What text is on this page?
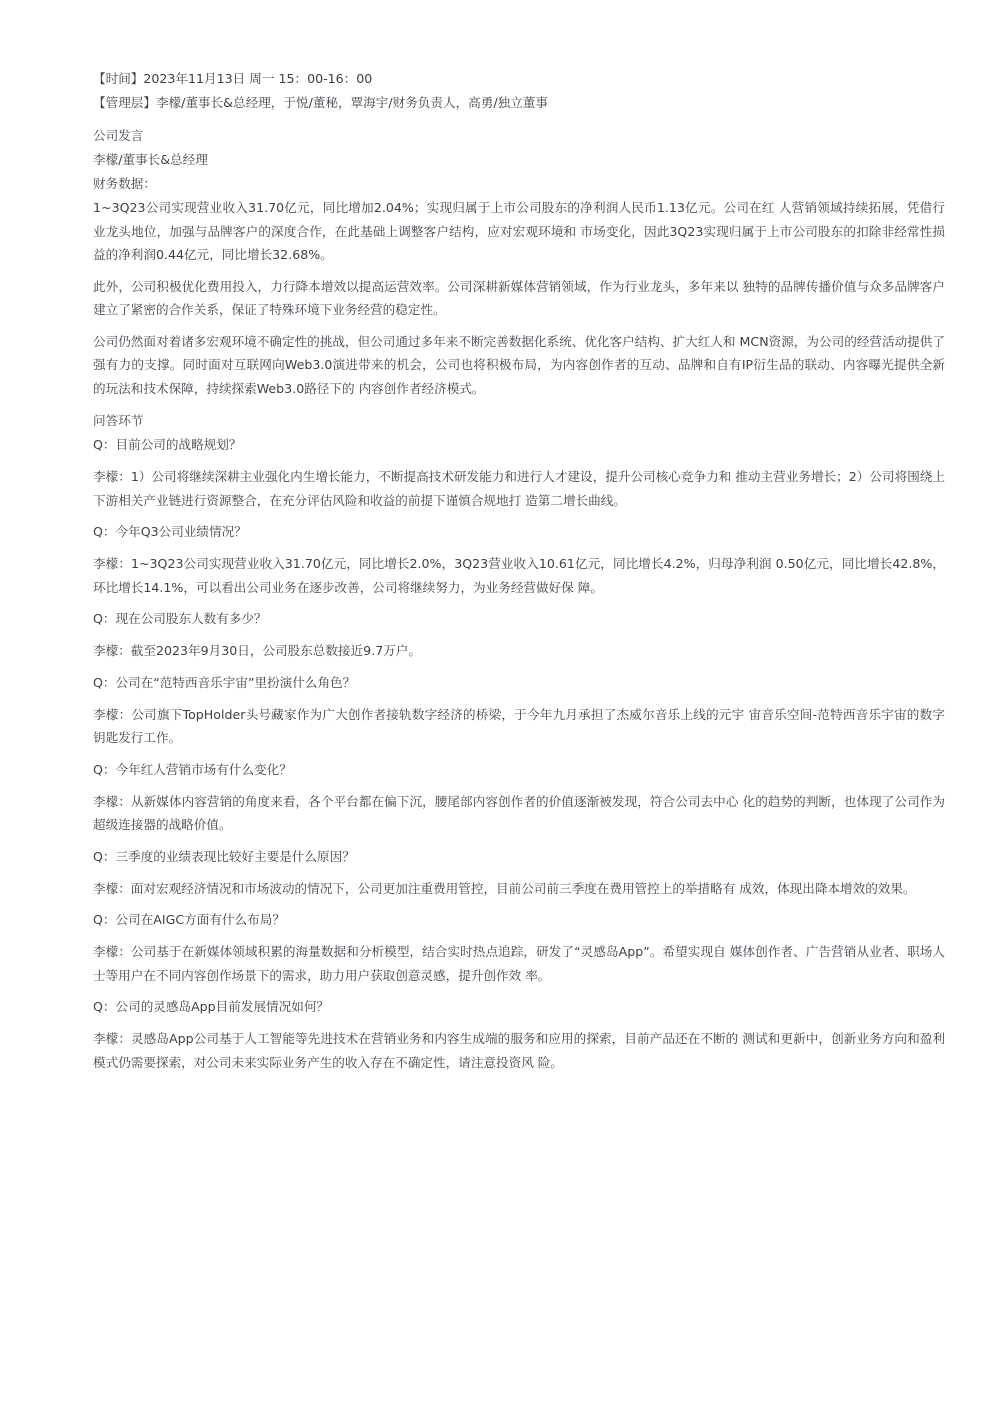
【时间】2023年11月13日 周一 15：00-16：00
【管理层】李檬/董事长&总经理，于悦/董秘，覃海宇/财务负责人，高勇/独立董事
公司发言
李檬/董事长&总经理
财务数据：

1~3Q23公司实现营业收入31.70亿元，同比增加2.04%；实现归属于上市公司股东的净利润人民币1.13亿元。公司在红 人营销领域持续拓展，凭借行业龙头地位，加强与品牌客户的深度合作，在此基础上调整客户结构，应对宏观环境和 市场变化，因此3Q23实现归属于上市公司股东的扣除非经常性损益的净利润0.44亿元，同比增长32.68%。

此外，公司积极优化费用投入，力行降本增效以提高运营效率。公司深耕新媒体营销领域，作为行业龙头，多年来以 独特的品牌传播价值与众多品牌客户建立了紧密的合作关系，保证了特殊环境下业务经营的稳定性。

公司仍然面对着诸多宏观环境不确定性的挑战，但公司通过多年来不断完善数据化系统、优化客户结构、扩大红人和 MCN资源，为公司的经营活动提供了强有力的支撑。同时面对互联网向Web3.0演进带来的机会，公司也将积极布局，为内容创作者的互动、品牌和自有IP衍生品的联动、内容曝光提供全新的玩法和技术保障，持续探索Web3.0路径下的 内容创作者经济模式。

问答环节
Q：目前公司的战略规划？

李檬：1）公司将继续深耕主业强化内生增长能力，不断提高技术研发能力和进行人才建设，提升公司核心竞争力和 推动主营业务增长；2）公司将围绕上下游相关产业链进行资源整合，在充分评估风险和收益的前提下谨慎合规地打 造第二增长曲线。

Q：今年Q3公司业绩情况？

李檬：1~3Q23公司实现营业收入31.70亿元，同比增长2.0%，3Q23营业收入10.61亿元，同比增长4.2%，归母净利润 0.50亿元，同比增长42.8%，环比增长14.1%，可以看出公司业务在逐步改善，公司将继续努力，为业务经营做好保 障。

Q：现在公司股东人数有多少？

李檬：截至2023年9月30日，公司股东总数接近9.7万户。

Q：公司在“范特西音乐宇宙”里扮演什么角色？

李檬：公司旗下TopHolder头号藏家作为广大创作者接轨数字经济的桥梁，于今年九月承担了杰威尔音乐上线的元宇 宙音乐空间-范特西音乐宇宙的数字钥匙发行工作。

Q：今年红人营销市场有什么变化？

李檬：从新媒体内容营销的角度来看，各个平台都在偏下沉，腰尾部内容创作者的价值逐渐被发现，符合公司去中心 化的趋势的判断，也体现了公司作为超级连接器的战略价值。

Q：三季度的业绩表现比较好主要是什么原因？

李檬：面对宏观经济情况和市场波动的情况下，公司更加注重费用管控，目前公司前三季度在费用管控上的举措略有 成效，体现出降本增效的效果。

Q：公司在AIGC方面有什么布局？

李檬：公司基于在新媒体领域积累的海量数据和分析模型，结合实时热点追踪，研发了“灵感岛App”。希望实现自 媒体创作者、广告营销从业者、职场人士等用户在不同内容创作场景下的需求，助力用户获取创意灵感，提升创作效 率。

Q：公司的灵感岛App目前发展情况如何？

李檬：灵感岛App公司基于人工智能等先进技术在营销业务和内容生成端的服务和应用的探索，目前产品还在不断的 测试和更新中，创新业务方向和盈利模式仍需要探索，对公司未来实际业务产生的收入存在不确定性，请注意投资风 险。
